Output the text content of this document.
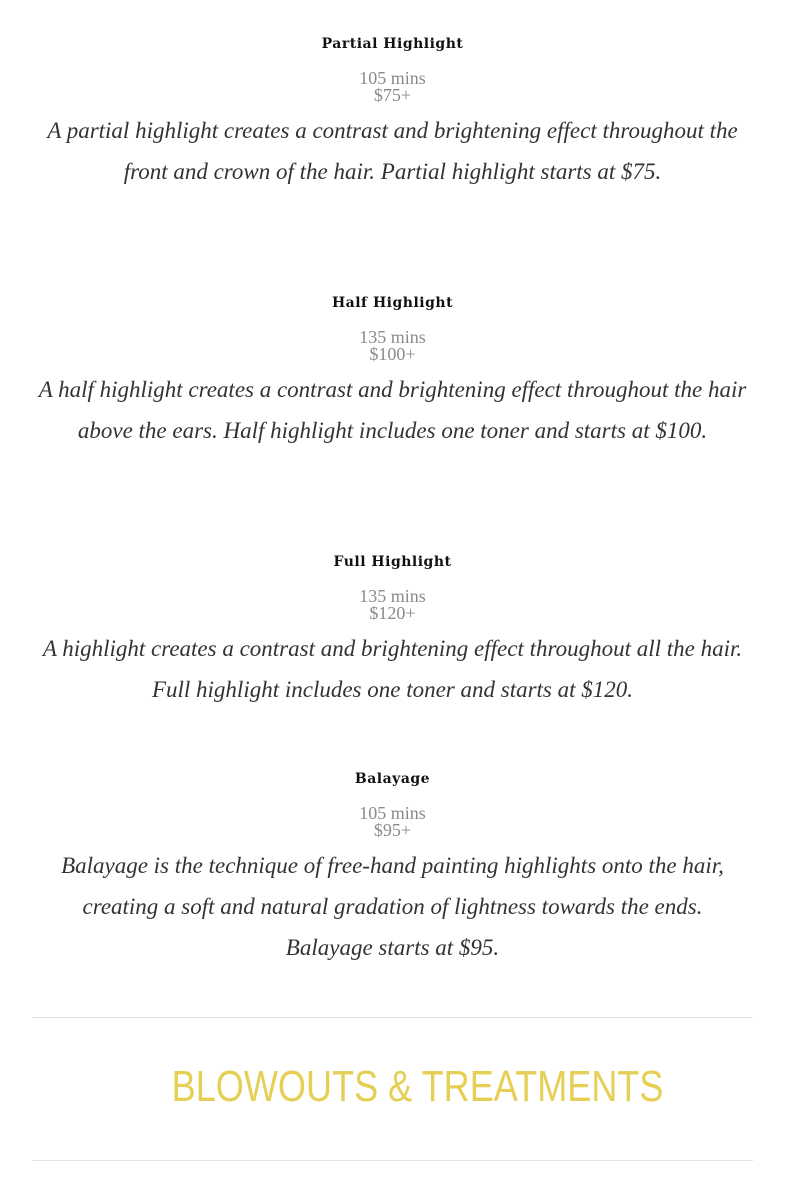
Partial Highlight
105 mins
$75+
A partial highlight creates a contrast and brightening effect throughout the front and crown of the hair. Partial highlight starts at $75.
Half Highlight
135 mins
$100+
A half highlight creates a contrast and brightening effect throughout the hair above the ears. Half highlight includes one toner and starts at $100.
Full Highlight
135 mins
$120+
A highlight creates a contrast and brightening effect throughout all the hair. Full highlight includes one toner and starts at $120.
Balayage
105 mins
$95+
Balayage is the technique of free-hand painting highlights onto the hair, creating a soft and natural gradation of lightness towards the ends. Balayage starts at $95.
BLOWOUTS & TREATMENTS
